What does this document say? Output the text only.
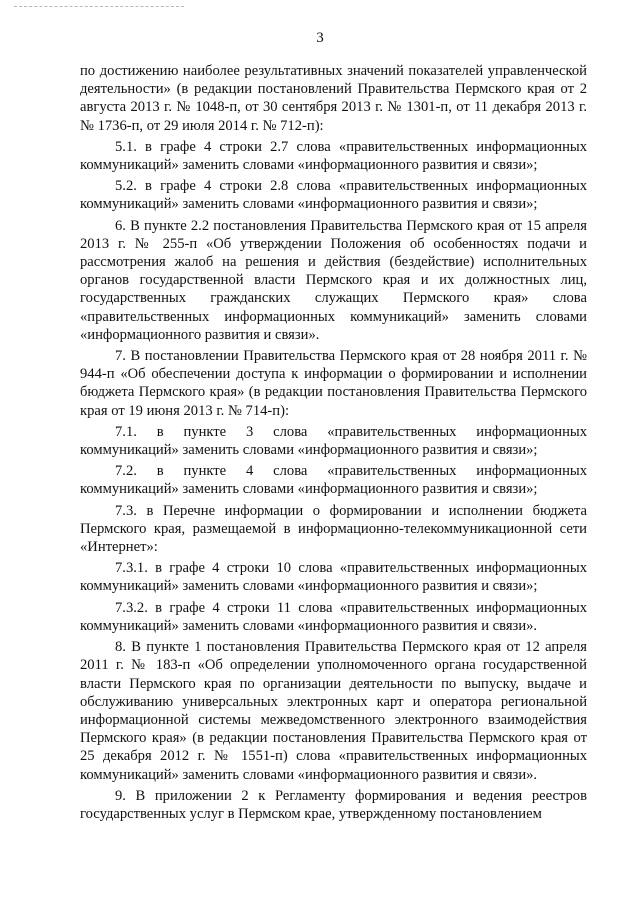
3

по достижению наиболее результативных значений показателей управленческой деятельности» (в редакции постановлений Правительства Пермского края от 2 августа 2013 г. № 1048-п, от 30 сентября 2013 г. № 1301-п, от 11 декабря 2013 г. № 1736-п, от 29 июля 2014 г. № 712-п):

5.1. в графе 4 строки 2.7 слова «правительственных информационных коммуникаций» заменить словами «информационного развития и связи»;

5.2. в графе 4 строки 2.8 слова «правительственных информационных коммуникаций» заменить словами «информационного развития и связи»;

6. В пункте 2.2 постановления Правительства Пермского края от 15 апреля 2013 г. № 255-п «Об утверждении Положения об особенностях подачи и рассмотрения жалоб на решения и действия (бездействие) исполнительных органов государственной власти Пермского края и их должностных лиц, государственных гражданских служащих Пермского края» слова «правительственных информационных коммуникаций» заменить словами «информационного развития и связи».

7. В постановлении Правительства Пермского края от 28 ноября 2011 г. № 944-п «Об обеспечении доступа к информации о формировании и исполнении бюджета Пермского края» (в редакции постановления Правительства Пермского края от 19 июня 2013 г. № 714-п):

7.1. в пункте 3 слова «правительственных информационных коммуникаций» заменить словами «информационного развития и связи»;

7.2. в пункте 4 слова «правительственных информационных коммуникаций» заменить словами «информационного развития и связи»;

7.3. в Перечне информации о формировании и исполнении бюджета Пермского края, размещаемой в информационно-телекоммуникационной сети «Интернет»:

7.3.1. в графе 4 строки 10 слова «правительственных информационных коммуникаций» заменить словами «информационного развития и связи»;

7.3.2. в графе 4 строки 11 слова «правительственных информационных коммуникаций» заменить словами «информационного развития и связи».

8. В пункте 1 постановления Правительства Пермского края от 12 апреля 2011 г. № 183-п «Об определении уполномоченного органа государственной власти Пермского края по организации деятельности по выпуску, выдаче и обслуживанию универсальных электронных карт и оператора региональной информационной системы межведомственного электронного взаимодействия Пермского края» (в редакции постановления Правительства Пермского края от 25 декабря 2012 г. № 1551-п) слова «правительственных информационных коммуникаций» заменить словами «информационного развития и связи».

9. В приложении 2 к Регламенту формирования и ведения реестров государственных услуг в Пермском крае, утвержденному постановлением
